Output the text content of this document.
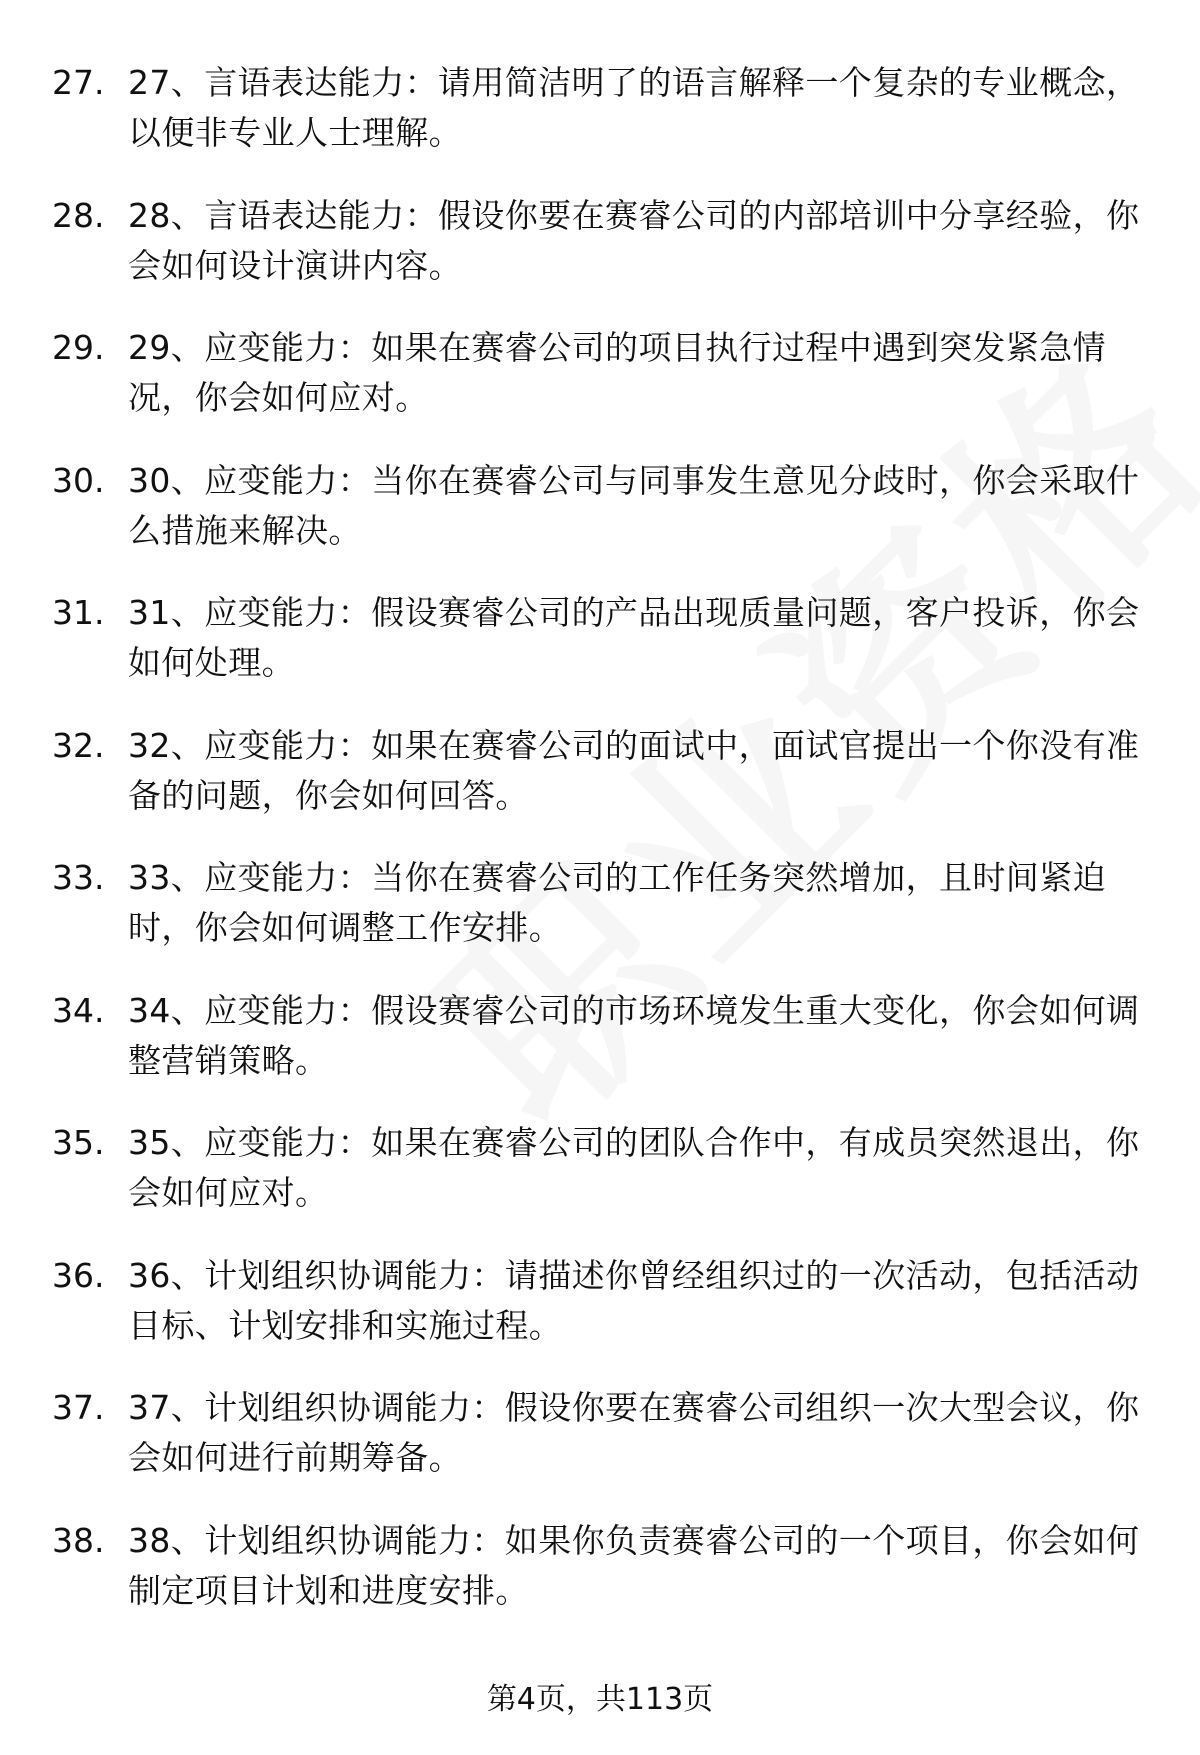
27. 27、言语表达能力：请用简洁明了的语言解释一个复杂的专业概念，以便非专业人士理解。
28. 28、言语表达能力：假设你要在赛睿公司的内部培训中分享经验，你会如何设计演讲内容。
29. 29、应变能力：如果在赛睿公司的项目执行过程中遇到突发紧急情况，你会如何应对。
30. 30、应变能力：当你在赛睿公司与同事发生意见分歧时，你会采取什么措施来解决。
31. 31、应变能力：假设赛睿公司的产品出现质量问题，客户投诉，你会如何处理。
32. 32、应变能力：如果在赛睿公司的面试中，面试官提出一个你没有准备的问题，你会如何回答。
33. 33、应变能力：当你在赛睿公司的工作任务突然增加，且时间紧迫时，你会如何调整工作安排。
34. 34、应变能力：假设赛睿公司的市场环境发生重大变化，你会如何调整营销策略。
35. 35、应变能力：如果在赛睿公司的团队合作中，有成员突然退出，你会如何应对。
36. 36、计划组织协调能力：请描述你曾经组织过的一次活动，包括活动目标、计划安排和实施过程。
37. 37、计划组织协调能力：假设你要在赛睿公司组织一次大型会议，你会如何进行前期筹备。
38. 38、计划组织协调能力：如果你负责赛睿公司的一个项目，你会如何制定项目计划和进度安排。
第4页，共113页
